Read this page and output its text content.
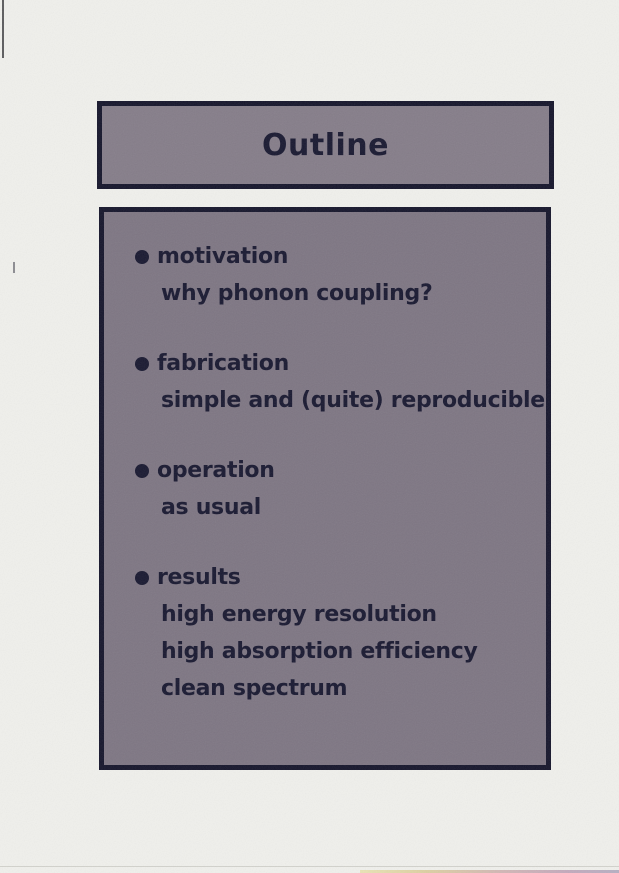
Outline
motivation
why phonon coupling?
fabrication
simple and (quite) reproducible
operation
as usual
results
high energy resolution
high absorption efficiency
clean spectrum
